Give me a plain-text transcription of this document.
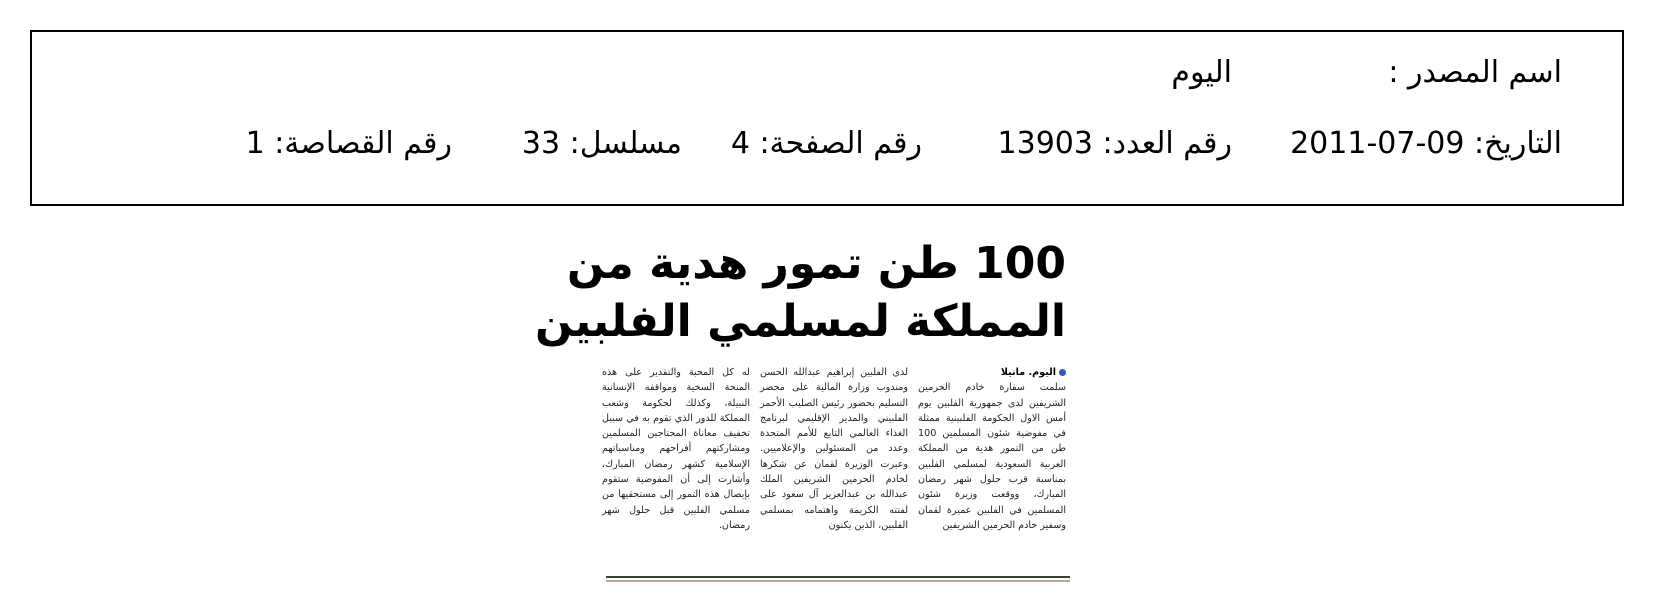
اسم المصدر :
اليوم
التاريخ: 09-07-2011
رقم العدد: 13903
رقم الصفحة: 4
مسلسل: 33
رقم القصاصة: 1
100 طن تمور هدية من
المملكة لمسلمي الفلبين
اليوم. مانيلا
سلمت سفارة خادم الحرمين الشريفين لدى جمهورية الفلبين يوم أمس الاول الحكومة الفلبينية ممثلة في مفوضية شئون المسلمين 100 طن من التمور هدية من المملكة العربية السعودية لمسلمي الفلبين بمناسبة قرب حلول شهر رمضان المبارك، ووقعت وزيرة شئون المسلمين في الفلبين عميرة لقمان وسفير خادم الحرمين الشريفين
لدى الفلبين إبراهيم عبدالله الحسن ومندوب وزارة المالية على محضر التسليم بحضور رئيس الصليب الأحمر الفلبيني والمدير الإقليمي لبرنامج الغذاء العالمي التابع للأمم المتحدة وعدد من المسئولين والإعلاميين. وعبرت الوزيرة لقمان عن شكرها لخادم الحرمين الشريفين الملك عبدالله بن عبدالعزيز آل سعود على لفتته الكريمة واهتمامه بمسلمي الفلبين، الذين يكنون
له كل المحبة والتقدير على هذه المنحة السخية ومواقفه الإنسانية النبيلة، وكذلك لحكومة وشعب المملكة للدور الذي تقوم به في سبيل تخفيف معاناة المحتاجين المسلمين ومشاركتهم أفراحهم ومناسباتهم الإسلامية كشهر رمضان المبارك، وأشارت إلى أن المفوضية ستقوم بإيصال هذه التمور إلى مستحقيها من مسلمي الفلبين قبل حلول شهر رمضان.
